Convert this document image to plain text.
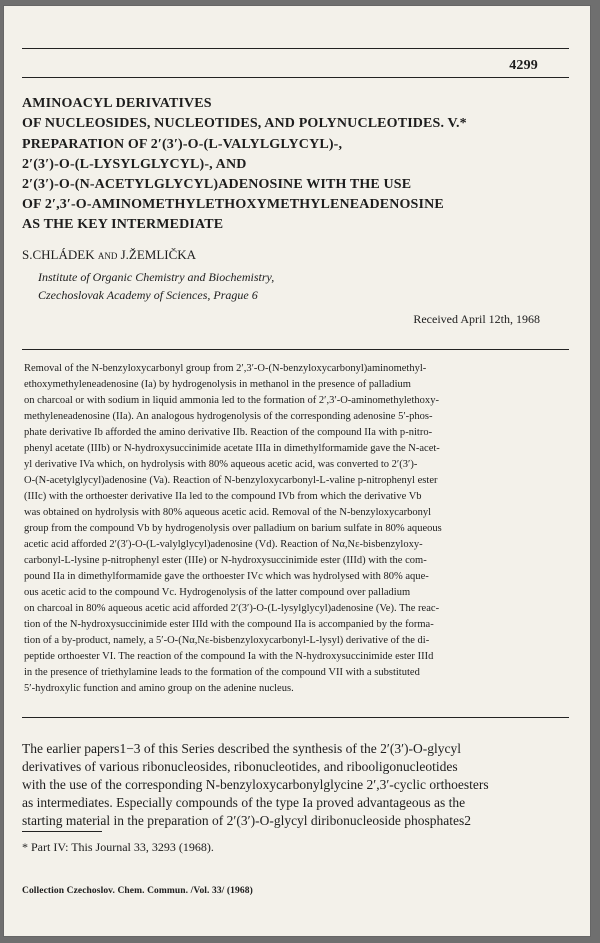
4299
AMINOACYL DERIVATIVES
OF NUCLEOSIDES, NUCLEOTIDES, AND POLYNUCLEOTIDES. V.*
PREPARATION OF 2′(3′)-O-(L-VALYLGLYCYL)-,
2′(3′)-O-(L-LYSYLGLYCYL)-, AND
2′(3′)-O-(N-ACETYLGLYCYL)ADENOSINE WITH THE USE
OF 2′,3′-O-AMINOMETHYLETHOXYMETHYLENEADENOSINE
AS THE KEY INTERMEDIATE
S.CHLÁDEK and J.ŽEMLIČKA
Institute of Organic Chemistry and Biochemistry,
Czechoslovak Academy of Sciences, Prague 6
Received April 12th, 1968
Removal of the N-benzyloxycarbonyl group from 2′,3′-O-(N-benzyloxycarbonyl)aminomethyl-
ethoxymethyleneadenosine (Ia) by hydrogenolysis in methanol in the presence of palladium
on charcoal or with sodium in liquid ammonia led to the formation of 2′,3′-O-aminomethylethoxy-
methyleneadenosine (IIa). An analogous hydrogenolysis of the corresponding adenosine 5′-phos-
phate derivative Ib afforded the amino derivative IIb. Reaction of the compound IIa with p-nitro-
phenyl acetate (IIIb) or N-hydroxysuccinimide acetate IIIa in dimethylformamide gave the N-acet-
yl derivative IVa which, on hydrolysis with 80% aqueous acetic acid, was converted to 2′(3′)-
O-(N-acetylglycyl)adenosine (Va). Reaction of N-benzyloxycarbonyl-L-valine p-nitrophenyl ester
(IIIc) with the orthoester derivative IIa led to the compound IVb from which the derivative Vb
was obtained on hydrolysis with 80% aqueous acetic acid. Removal of the N-benzyloxycarbonyl
group from the compound Vb by hydrogenolysis over palladium on barium sulfate in 80% aqueous
acetic acid afforded 2′(3′)-O-(L-valylglycyl)adenosine (Vd). Reaction of Nα,Nε-bisbenzyloxy-
carbonyl-L-lysine p-nitrophenyl ester (IIIe) or N-hydroxysuccinimide ester (IIId) with the com-
pound IIa in dimethylformamide gave the orthoester IVc which was hydrolysed with 80% aque-
ous acetic acid to the compound Vc. Hydrogenolysis of the latter compound over palladium
on charcoal in 80% aqueous acetic acid afforded 2′(3′)-O-(L-lysylglycyl)adenosine (Ve). The reac-
tion of the N-hydroxysuccinimide ester IIId with the compound IIa is accompanied by the forma-
tion of a by-product, namely, a 5′-O-(Nα,Nε-bisbenzyloxycarbonyl-L-lysyl) derivative of the di-
peptide orthoester VI. The reaction of the compound Ia with the N-hydroxysuccinimide ester IIId
in the presence of triethylamine leads to the formation of the compound VII with a substituted
5′-hydroxylic function and amino group on the adenine nucleus.
The earlier papers1−3 of this Series described the synthesis of the 2′(3′)-O-glycyl
derivatives of various ribonucleosides, ribonucleotides, and ribooligonucleotides
with the use of the corresponding N-benzyloxycarbonylglycine 2′,3′-cyclic orthoesters
as intermediates. Especially compounds of the type Ia proved advantageous as the
starting material in the preparation of 2′(3′)-O-glycyl diribonucleoside phosphates2
* Part IV: This Journal 33, 3293 (1968).
Collection Czechoslov. Chem. Commun. /Vol. 33/ (1968)
